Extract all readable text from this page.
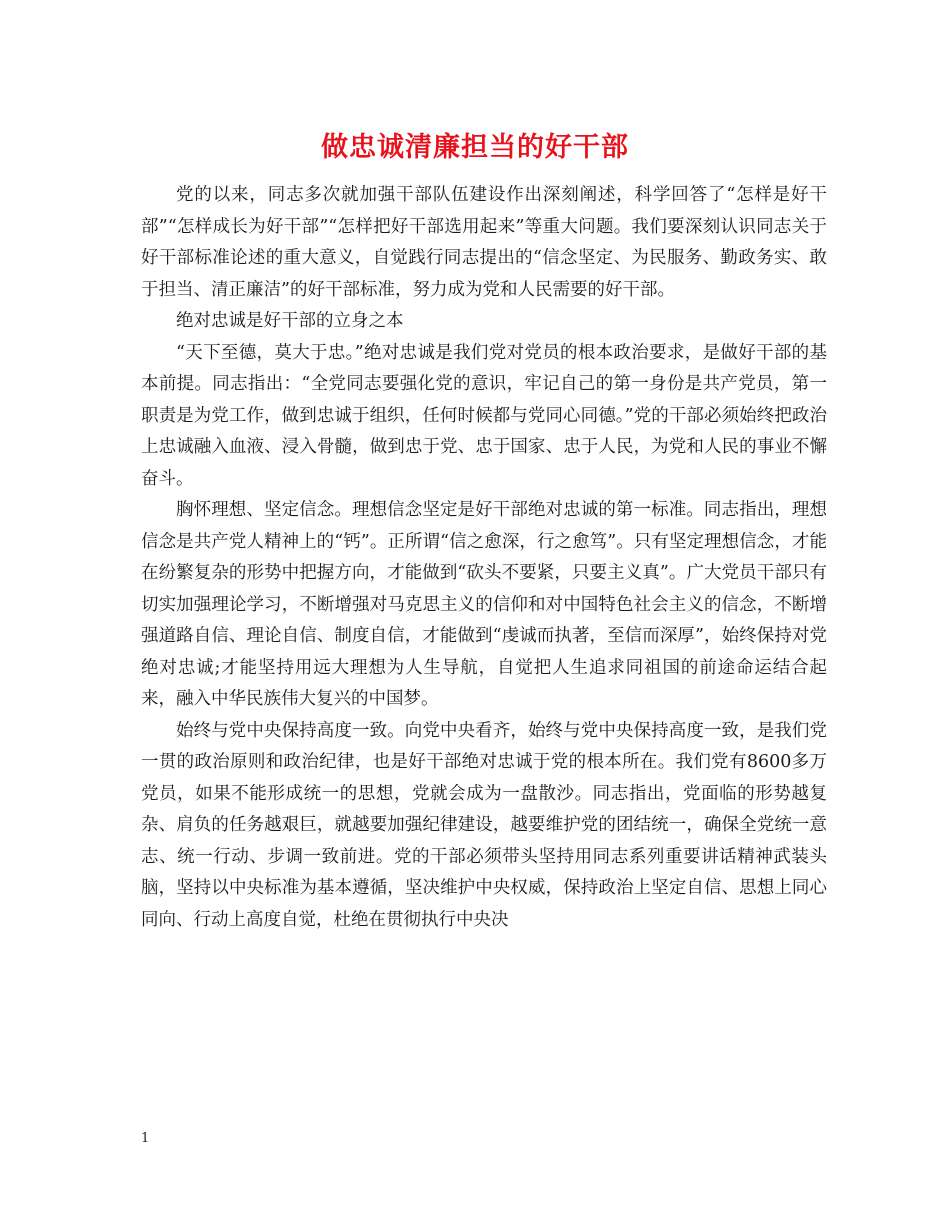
做忠诚清廉担当的好干部

党的以来，同志多次就加强干部队伍建设作出深刻阐述，科学回答了“怎样是好干部”“怎样成长为好干部”“怎样把好干部选用起来”等重大问题。我们要深刻认识同志关于好干部标准论述的重大意义，自觉践行同志提出的“信念坚定、为民服务、勤政务实、敢于担当、清正廉洁”的好干部标准，努力成为党和人民需要的好干部。

绝对忠诚是好干部的立身之本

“天下至德，莫大于忠。”绝对忠诚是我们党对党员的根本政治要求，是做好干部的基本前提。同志指出：“全党同志要强化党的意识，牢记自己的第一身份是共产党员，第一职责是为党工作，做到忠诚于组织，任何时候都与党同心同德。”党的干部必须始终把政治上忠诚融入血液、浸入骨髓，做到忠于党、忠于国家、忠于人民，为党和人民的事业不懈奋斗。

胸怀理想、坚定信念。理想信念坚定是好干部绝对忠诚的第一标准。同志指出，理想信念是共产党人精神上的“钙”。正所谓“信之愈深，行之愈笃”。只有坚定理想信念，才能在纷繁复杂的形势中把握方向，才能做到“砍头不要紧，只要主义真”。广大党员干部只有切实加强理论学习，不断增强对马克思主义的信仰和对中国特色社会主义的信念，不断增强道路自信、理论自信、制度自信，才能做到“虔诚而执著，至信而深厚”，始终保持对党绝对忠诚;才能坚持用远大理想为人生导航，自觉把人生追求同祖国的前途命运结合起来，融入中华民族伟大复兴的中国梦。

始终与党中央保持高度一致。向党中央看齐，始终与党中央保持高度一致，是我们党一贯的政治原则和政治纪律，也是好干部绝对忠诚于党的根本所在。我们党有8600多万党员，如果不能形成统一的思想，党就会成为一盘散沙。同志指出，党面临的形势越复杂、肩负的任务越艰巨，就越要加强纪律建设，越要维护党的团结统一，确保全党统一意志、统一行动、步调一致前进。党的干部必须带头坚持用同志系列重要讲话精神武装头脑，坚持以中央标准为基本遵循，坚决维护中央权威，保持政治上坚定自信、思想上同心同向、行动上高度自觉，杜绝在贯彻执行中央决

1
